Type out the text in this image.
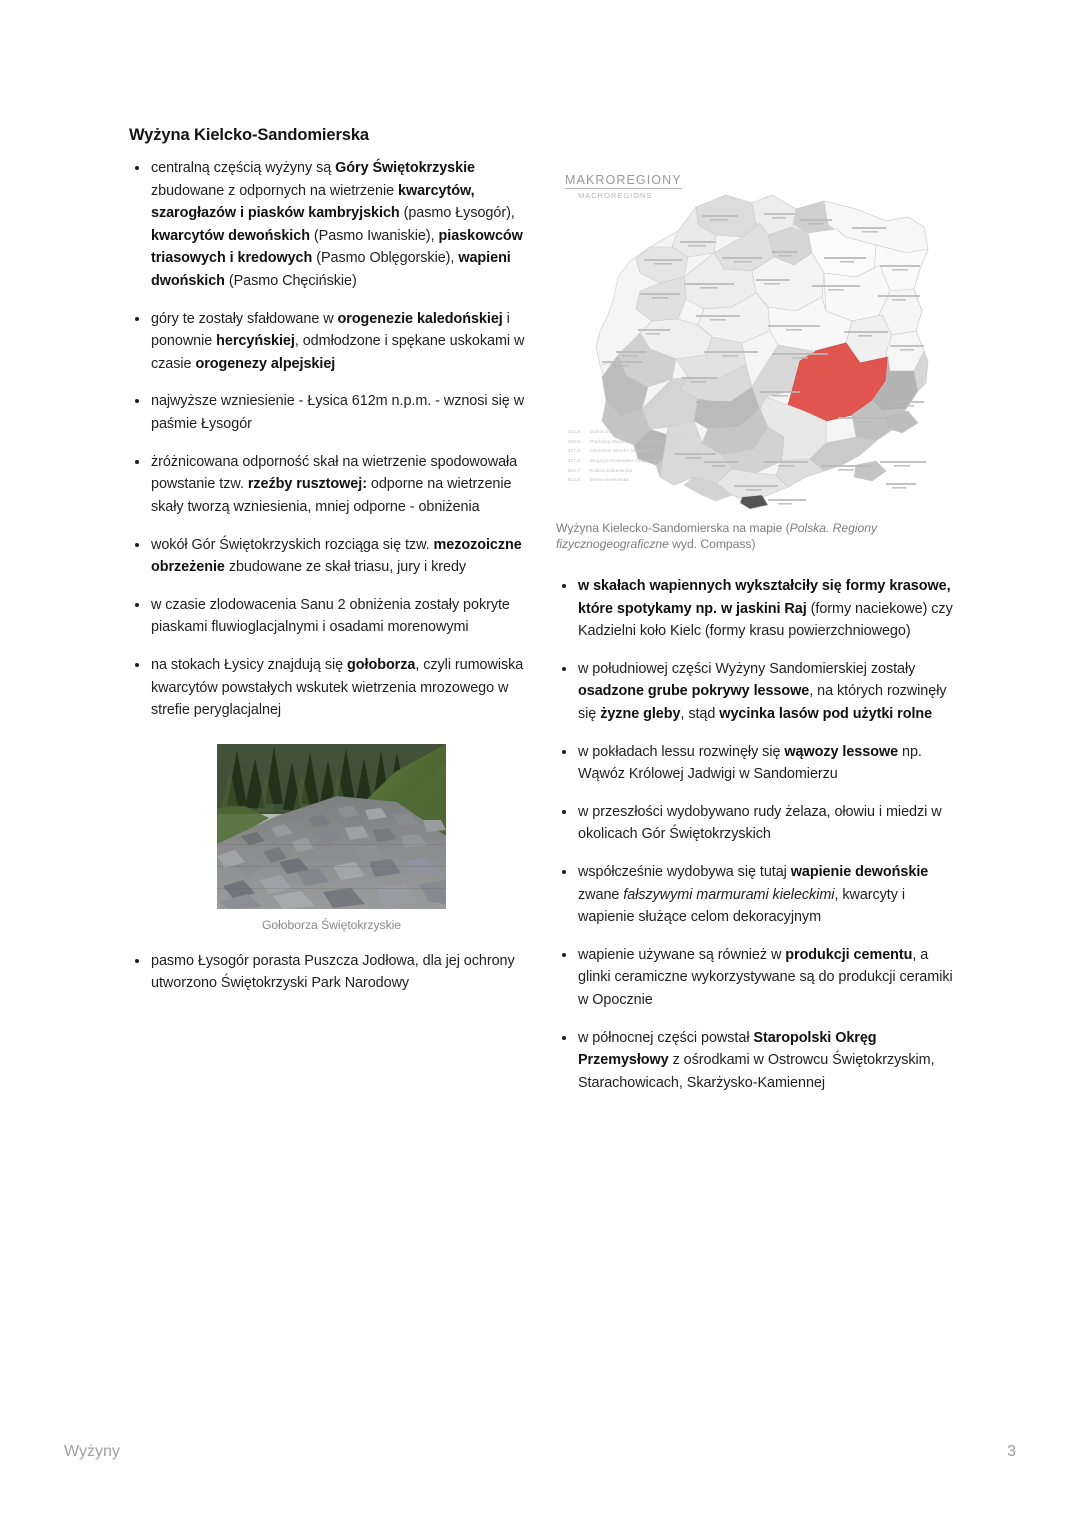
Wyżyna Kielcko-Sandomierska
centralną częścią wyżyny są Góry Świętokrzyskie zbudowane z odpornych na wietrzenie kwarcytów, szarogłazów i piasków kambryjskich (pasmo Łysogór), kwarcytów dewońskich (Pasmo Iwaniskie), piaskowców triasowych i kredowych (Pasmo Oblęgorskie), wapieni dwońskich (Pasmo Chęcińskie)
góry te zostały sfałdowane w orogenezie kaledońskiej i ponownie hercyńskiej, odmłodzone i spękane uskokami w czasie orogenezy alpejskiej
najwyższe wzniesienie - Łysica 612m n.p.m. - wznosi się w paśmie Łysogór
żróżnicowana odporność skał na wietrzenie spodowowała powstanie tzw. rzeźby rusztowej: odporne na wietrzenie skały tworzą wzniesienia, mniej odporne - obniżenia
wokół Gór Świętokrzyskich rozciąga się tzw. mezozoiczne obrzeżenie zbudowane ze skał triasu, jury i kredy
w czasie zlodowacenia Sanu 2 obniżenia zostały pokryte piaskami fluwioglacjalnymi i osadami morenowymi
na stokach Łysicy znajdują się gołoborza, czyli rumowiska kwarcytów powstałych wskutek wietrzenia mrozowego w strefie peryglacjalnej
Gołoborza Świętokrzyskie
pasmo Łysogór porasta Puszcza Jodłowa, dla jej ochrony utworzono Świętokrzyski Park Narodowy
MAKROREGIONY
MACROREGIONS
314.8 Dolina Dolnej Wisły
315.6 Pradolina Warszawsko-Grzymiska
317.3 Obniżenie Wrocko-Głogowskie
317.2 Wzgórza Krokowsko-Czaplineckie
512.7 Kotlina Żabieniecka
512.5 Brama Krakowska
Wyżyna Kielecko-Sandomierska na mapie (Polska. Regiony fizycznogeograficzne wyd. Compass)
w skałach wapiennych wykształciły się formy krasowe, które spotykamy np. w jaskini Raj (formy naciekowe) czy Kadzielni koło Kielc (formy krasu powierzchniowego)
w południowej części Wyżyny Sandomierskiej zostały osadzone grube pokrywy lessowe, na których rozwinęły się żyzne gleby, stąd wycinka lasów pod użytki rolne
w pokładach lessu rozwinęły się wąwozy lessowe np. Wąwóz Królowej Jadwigi w Sandomierzu
w przeszłości wydobywano rudy żelaza, ołowiu i miedzi w okolicach Gór Świętokrzyskich
współcześnie wydobywa się tutaj wapienie dewońskie zwane fałszywymi marmurami kieleckimi, kwarcyty i wapienie służące celom dekoracyjnym
wapienie używane są również w produkcji cementu, a glinki ceramiczne wykorzystywane są do produkcji ceramiki w Opocznie
w północnej części powstał Staropolski Okręg Przemysłowy z ośrodkami w Ostrowcu Świętokrzyskim, Starachowicach, Skarżysko-Kamiennej
Wyżyny	3
